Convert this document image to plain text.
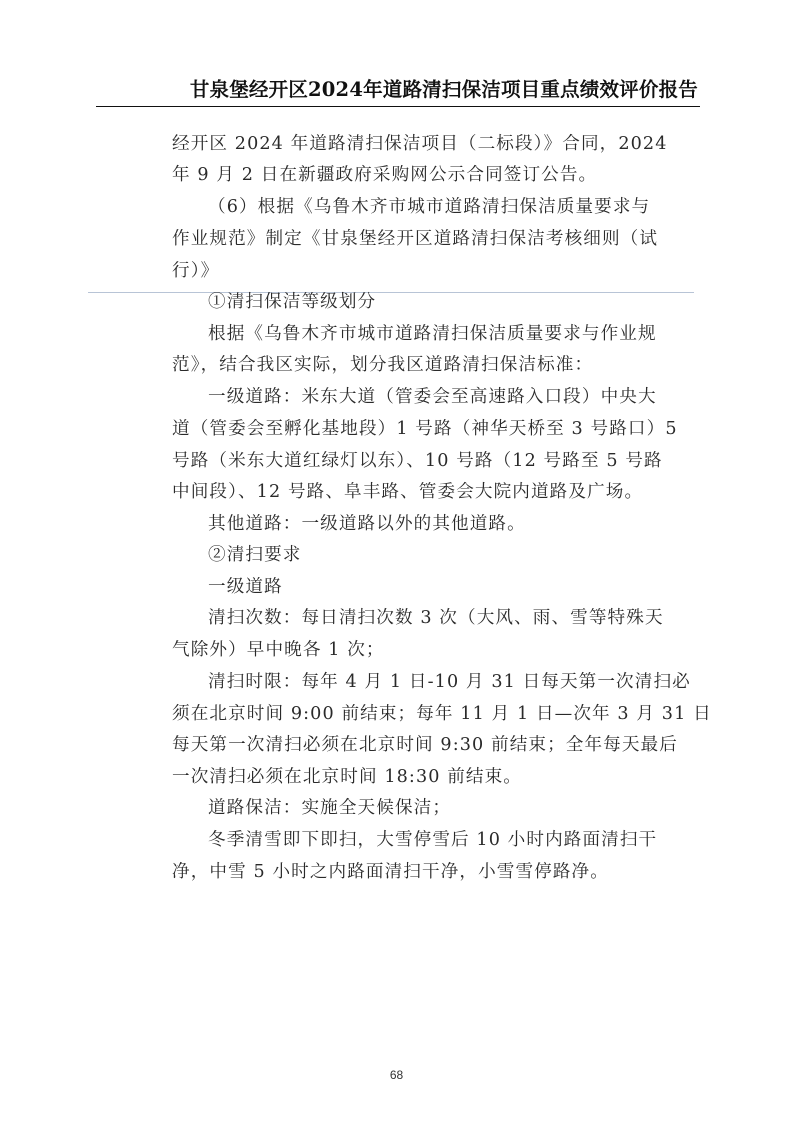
甘泉堡经开区2024年道路清扫保洁项目重点绩效评价报告
经开区 2024 年道路清扫保洁项目（二标段）》合同，2024
年 9 月 2 日在新疆政府采购网公示合同签订公告。
（6）根据《乌鲁木齐市城市道路清扫保洁质量要求与
作业规范》制定《甘泉堡经开区道路清扫保洁考核细则（试
行）》
①清扫保洁等级划分
根据《乌鲁木齐市城市道路清扫保洁质量要求与作业规
范》，结合我区实际，划分我区道路清扫保洁标准：
一级道路：米东大道（管委会至高速路入口段）中央大
道（管委会至孵化基地段）1 号路（神华天桥至 3 号路口）5
号路（米东大道红绿灯以东）、10 号路（12 号路至 5 号路
中间段）、12 号路、阜丰路、管委会大院内道路及广场。
其他道路：一级道路以外的其他道路。
②清扫要求
一级道路
清扫次数：每日清扫次数 3 次（大风、雨、雪等特殊天
气除外）早中晚各 1 次；
清扫时限：每年 4 月 1 日-10 月 31 日每天第一次清扫必
须在北京时间 9:00 前结束；每年 11 月 1 日—次年 3 月 31 日
每天第一次清扫必须在北京时间 9:30 前结束；全年每天最后
一次清扫必须在北京时间 18:30 前结束。
道路保洁：实施全天候保洁；
冬季清雪即下即扫，大雪停雪后 10 小时内路面清扫干
净，中雪 5 小时之内路面清扫干净，小雪雪停路净。
68
